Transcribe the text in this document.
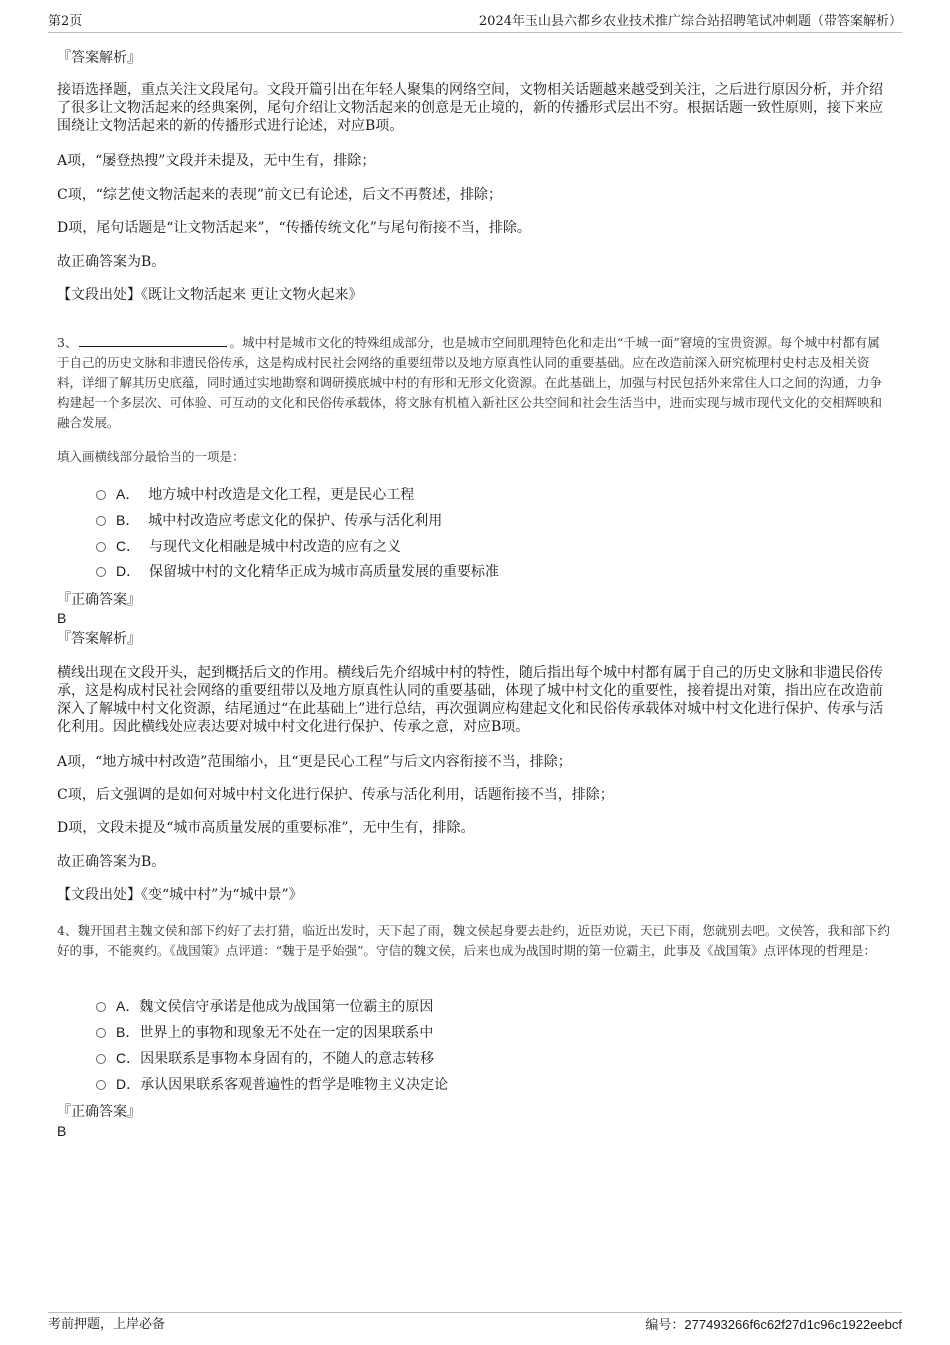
第2页	2024年玉山县六都乡农业技术推广综合站招聘笔试冲刺题（带答案解析）
『答案解析』
接语选择题，重点关注文段尾句。文段开篇引出在年轻人聚集的网络空间，文物相关话题越来越受到关注，之后进行原因分析，并介绍了很多让文物活起来的经典案例，尾句介绍让文物活起来的创意是无止境的，新的传播形式层出不穷。根据话题一致性原则，接下来应围绕让文物活起来的新的传播形式进行论述，对应B项。
A项，“屡登热搜”文段并未提及，无中生有，排除；
C项，“综艺使文物活起来的表现”前文已有论述，后文不再赘述，排除；
D项，尾句话题是“让文物活起来”，“传播传统文化”与尾句衔接不当，排除。
故正确答案为B。
【文段出处】《既让文物活起来 更让文物火起来》
3、	。城中村是城市文化的特殊组成部分，也是城市空间肌理特色化和走出“千城一面”窘境的宝贵资源。每个城中村都有属于自己的历史文脉和非遗民俗传承，这是构成村民社会网络的重要纽带以及地方原真性认同的重要基础。应在改造前深入研究梳理村史村志及相关资料，详细了解其历史底蕴，同时通过实地勘察和调研摸底城中村的有形和无形文化资源。在此基础上，加强与村民包括外来常住人口之间的沟通，力争构建起一个多层次、可体验、可互动的文化和民俗传承载体，将文脉有机植入新社区公共空间和社会生活当中，进而实现与城市现代文化的交相辉映和融合发展。
填入画横线部分最恰当的一项是：
A． 地方城中村改造是文化工程，更是民心工程
B． 城中村改造应考虑文化的保护、传承与活化利用
C． 与现代文化相融是城中村改造的应有之义
D． 保留城中村的文化精华正成为城市高质量发展的重要标准
『正确答案』
B
『答案解析』
横线出现在文段开头，起到概括后文的作用。横线后先介绍城中村的特性，随后指出每个城中村都有属于自己的历史文脉和非遗民俗传承，这是构成村民社会网络的重要纽带以及地方原真性认同的重要基础，体现了城中村文化的重要性，接着提出对策，指出应在改造前深入了解城中村文化资源，结尾通过“在此基础上”进行总结，再次强调应构建起文化和民俗传承载体对城中村文化进行保护、传承与活化利用。因此横线处应表达要对城中村文化进行保护、传承之意，对应B项。
A项，“地方城中村改造”范围缩小，且“更是民心工程”与后文内容衔接不当，排除；
C项，后文强调的是如何对城中村文化进行保护、传承与活化利用，话题衔接不当，排除；
D项，文段未提及“城市高质量发展的重要标准”，无中生有，排除。
故正确答案为B。
【文段出处】《变“城中村”为“城中景”》
4、魏开国君主魏文侯和部下约好了去打猎，临近出发时，天下起了雨，魏文侯起身要去赴约，近臣劝说，天已下雨，您就别去吧。文侯答，我和部下约好的事，不能爽约。《战国策》点评道：“魏于是乎始强”。守信的魏文侯，后来也成为战国时期的第一位霸主，此事及《战国策》点评体现的哲理是：
A．魏文侯信守承诺是他成为战国第一位霸主的原因
B．世界上的事物和现象无不处在一定的因果联系中
C．因果联系是事物本身固有的，不随人的意志转移
D．承认因果联系客观普遍性的哲学是唯物主义决定论
『正确答案』
B
考前押题，上岸必备	编号：277493266f6c62f27d1c96c1922eebcf
